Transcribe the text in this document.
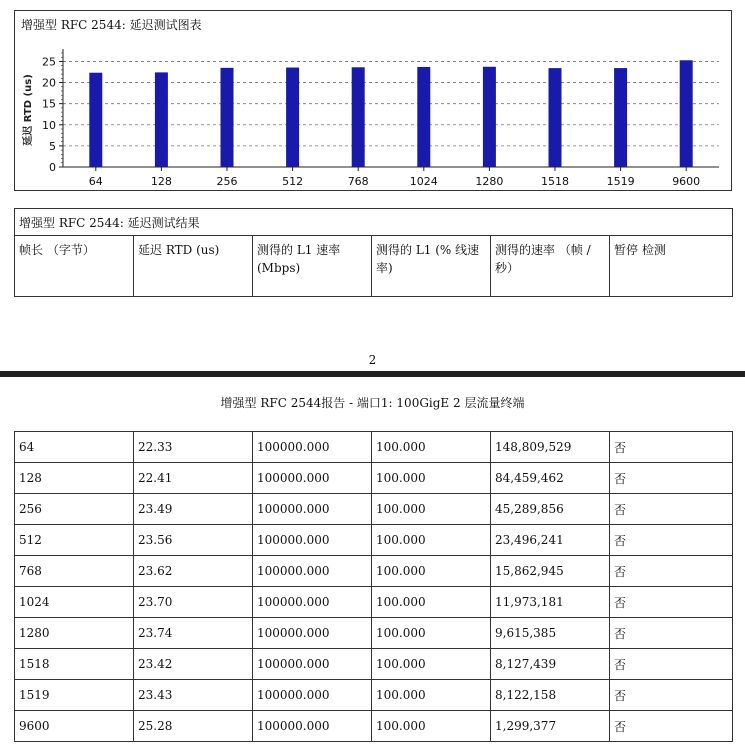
增强型 RFC 2544: 延迟测试图表
0
5
10
15
20
25
延迟 RTD (us)
64	128	256	512	768	1024	1280	1518	1519	9600
增强型 RFC 2544: 延迟测试结果
帧长 （字节）	延迟 RTD (us)	测得的 L1 速率 (Mbps)	测得的 L1 (% 线速率)	测得的速率 （帧 / 秒）	暂停 检测
2
增强型 RFC 2544报告 - 端口1: 100GigE 2 层流量终端
64	22.33	100000.000	100.000	148,809,529	否
128	22.41	100000.000	100.000	84,459,462	否
256	23.49	100000.000	100.000	45,289,856	否
512	23.56	100000.000	100.000	23,496,241	否
768	23.62	100000.000	100.000	15,862,945	否
1024	23.70	100000.000	100.000	11,973,181	否
1280	23.74	100000.000	100.000	9,615,385	否
1518	23.42	100000.000	100.000	8,127,439	否
1519	23.43	100000.000	100.000	8,122,158	否
9600	25.28	100000.000	100.000	1,299,377	否
